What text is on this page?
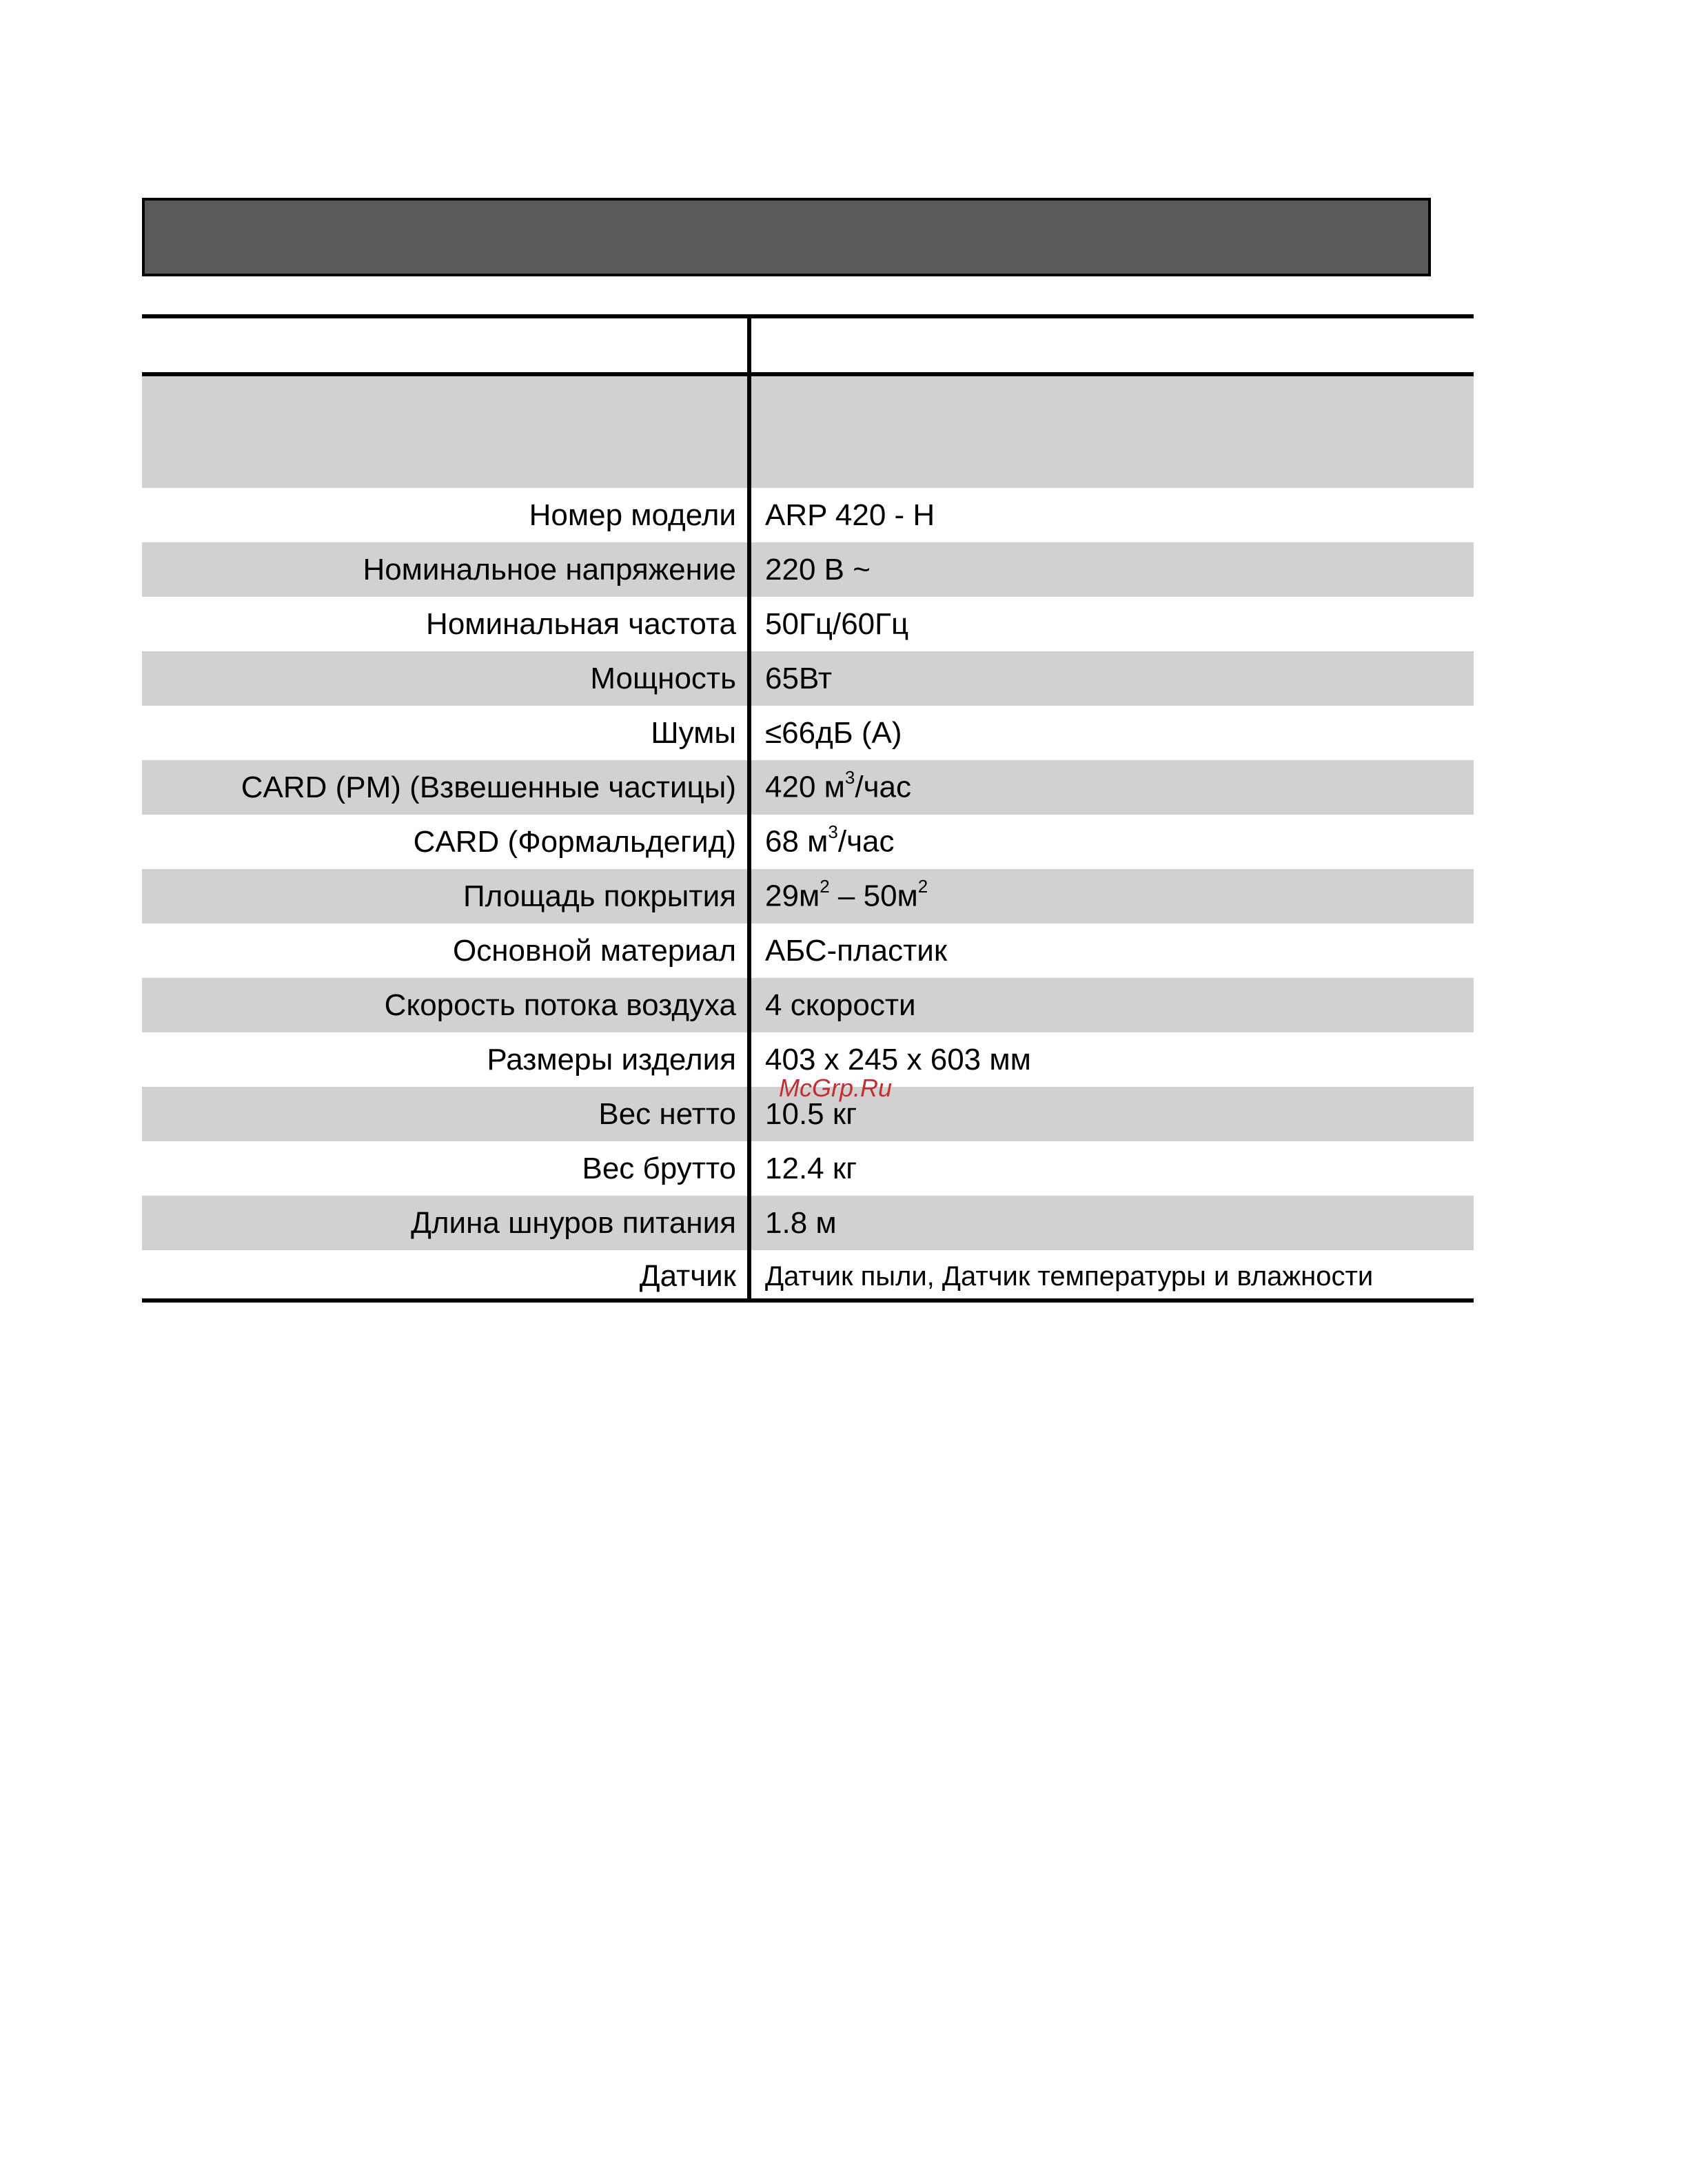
Номер модели ARP 420 - H
Номинальное напряжение 220 В ~
Номинальная частота 50Гц/60Гц
Мощность 65Вт
Шумы ≤66дБ (A)
CARD (PM) (Взвешенные частицы) 420 $м^3$/час
CARD (Формальдегид) 68 $м^3$/час
Площадь покрытия $29м^2 - 50м^2$
Основной материал АБС-пластик
Скорость потока воздуха 4 скорости
Размеры изделия 403 x 245 x 603 мм
Вес нетто 10.5 кг
Вес брутто 12.4 кг
Длина шнуров питания 1.8 м
Датчик Датчик пыли, Датчик температуры и влажности
McGrp.Ru
